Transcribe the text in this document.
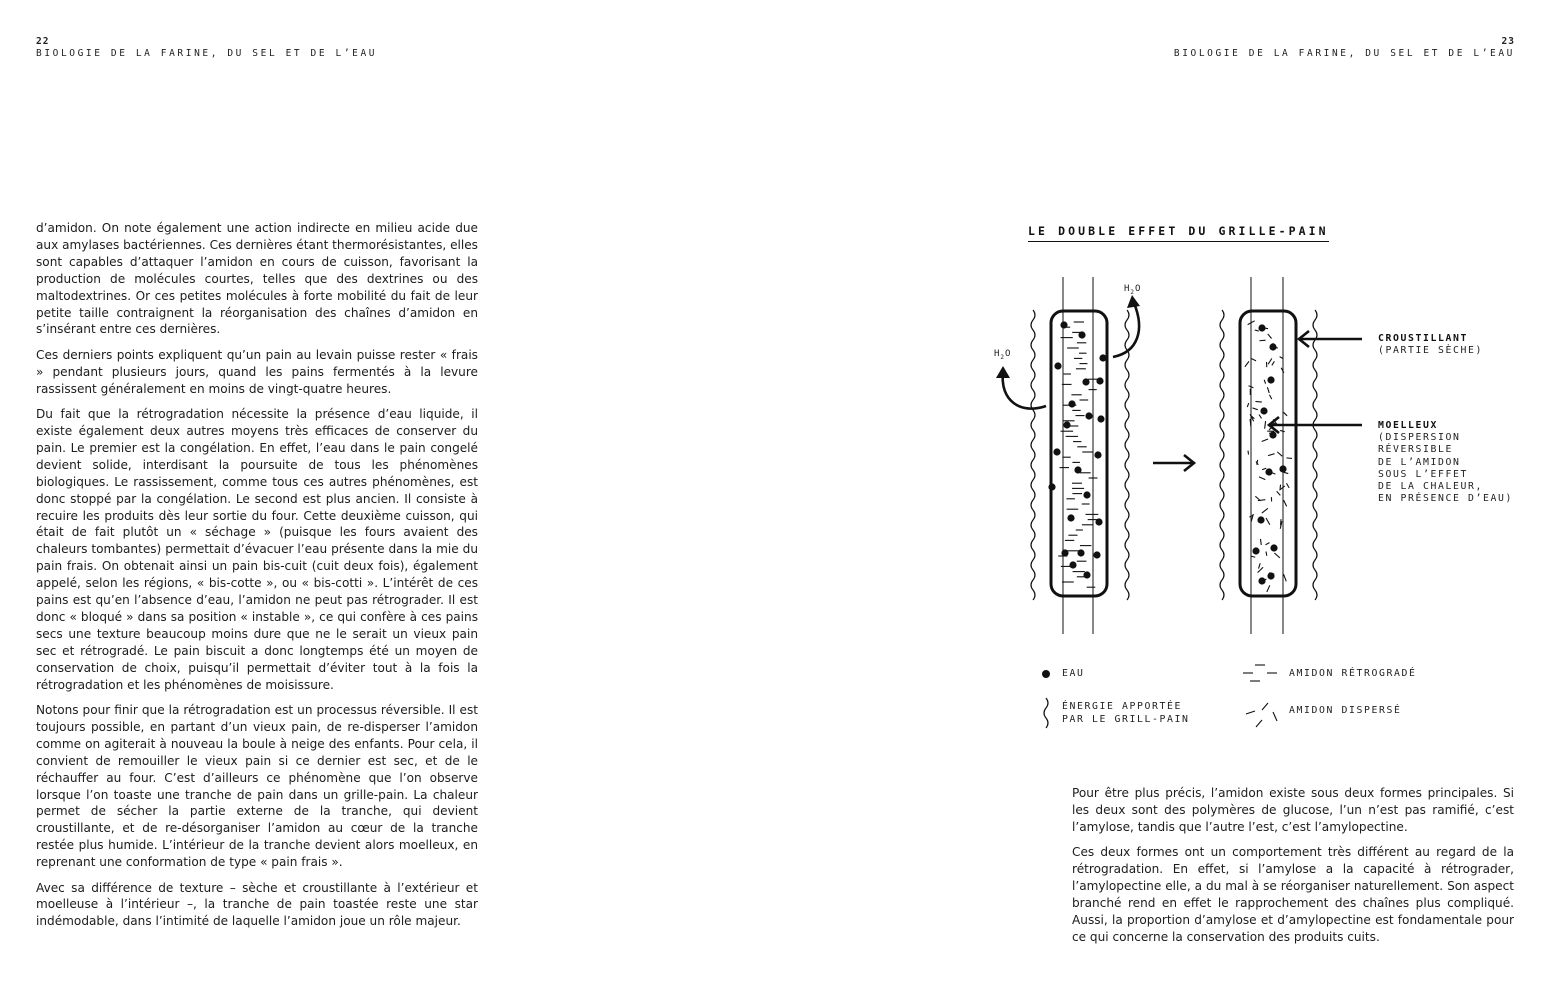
22
BIOLOGIE DE LA FARINE, DU SEL ET DE L’EAU
23
BIOLOGIE DE LA FARINE, DU SEL ET DE L’EAU

d’amidon. On note également une action indirecte en milieu acide due aux amylases bactériennes. Ces dernières étant thermorésistantes, elles sont capables d’attaquer l’amidon en cours de cuisson, favorisant la production de molécules courtes, telles que des dextrines ou des maltodextrines. Or ces petites molécules à forte mobilité du fait de leur petite taille contraignent la réorganisation des chaînes d’amidon en s’insérant entre ces dernières.

Ces derniers points expliquent qu’un pain au levain puisse rester « frais » pendant plusieurs jours, quand les pains fermentés à la levure rassissent généralement en moins de vingt-quatre heures.

Du fait que la rétrogradation nécessite la présence d’eau liquide, il existe également deux autres moyens très efficaces de conserver du pain. Le premier est la congélation. En effet, l’eau dans le pain congelé devient solide, interdisant la poursuite de tous les phénomènes biologiques. Le rassissement, comme tous ces autres phénomènes, est donc stoppé par la congélation. Le second est plus ancien. Il consiste à recuire les produits dès leur sortie du four. Cette deuxième cuisson, qui était de fait plutôt un « séchage » (puisque les fours avaient des chaleurs tombantes) permettait d’évacuer l’eau présente dans la mie du pain frais. On obtenait ainsi un pain bis-cuit (cuit deux fois), également appelé, selon les régions, « bis-cotte », ou « bis-cotti ». L’intérêt de ces pains est qu’en l’absence d’eau, l’amidon ne peut pas rétrograder. Il est donc « bloqué » dans sa position « instable », ce qui confère à ces pains secs une texture beaucoup moins dure que ne le serait un vieux pain sec et rétrogradé. Le pain biscuit a donc longtemps été un moyen de conservation de choix, puisqu’il permettait d’éviter tout à la fois la rétrogradation et les phénomènes de moisissure.

Notons pour finir que la rétrogradation est un processus réversible. Il est toujours possible, en partant d’un vieux pain, de re-disperser l’amidon comme on agiterait à nouveau la boule à neige des enfants. Pour cela, il convient de remouiller le vieux pain si ce dernier est sec, et de le réchauffer au four. C’est d’ailleurs ce phénomène que l’on observe lorsque l’on toaste une tranche de pain dans un grille-pain. La chaleur permet de sécher la partie externe de la tranche, qui devient croustillante, et de re-désorganiser l’amidon au cœur de la tranche restée plus humide. L’intérieur de la tranche devient alors moelleux, en reprenant une conformation de type « pain frais ».

Avec sa différence de texture – sèche et croustillante à l’extérieur et moelleuse à l’intérieur –, la tranche de pain toastée reste une star indémodable, dans l’intimité de laquelle l’amidon joue un rôle majeur.

LE DOUBLE EFFET DU GRILLE-PAIN
$H_2O$
$H_2O$
CROUSTILLANT
(PARTIE SÈCHE)
MOELLEUX
(DISPERSION
RÉVERSIBLE
DE L’AMIDON
SOUS L’EFFET
DE LA CHALEUR,
EN PRÉSENCE D’EAU)
EAU
ÉNERGIE APPORTÉE
PAR LE GRILL-PAIN
AMIDON RÉTROGRADÉ
AMIDON DISPERSÉ

Pour être plus précis, l’amidon existe sous deux formes principales. Si les deux sont des polymères de glucose, l’un n’est pas ramifié, c’est l’amylose, tandis que l’autre l’est, c’est l’amylopectine.

Ces deux formes ont un comportement très différent au regard de la rétrogradation. En effet, si l’amylose a la capacité à rétrograder, l’amylopectine elle, a du mal à se réorganiser naturellement. Son aspect branché rend en effet le rapprochement des chaînes plus compliqué. Aussi, la proportion d’amylose et d’amylopectine est fondamentale pour ce qui concerne la conservation des produits cuits.
